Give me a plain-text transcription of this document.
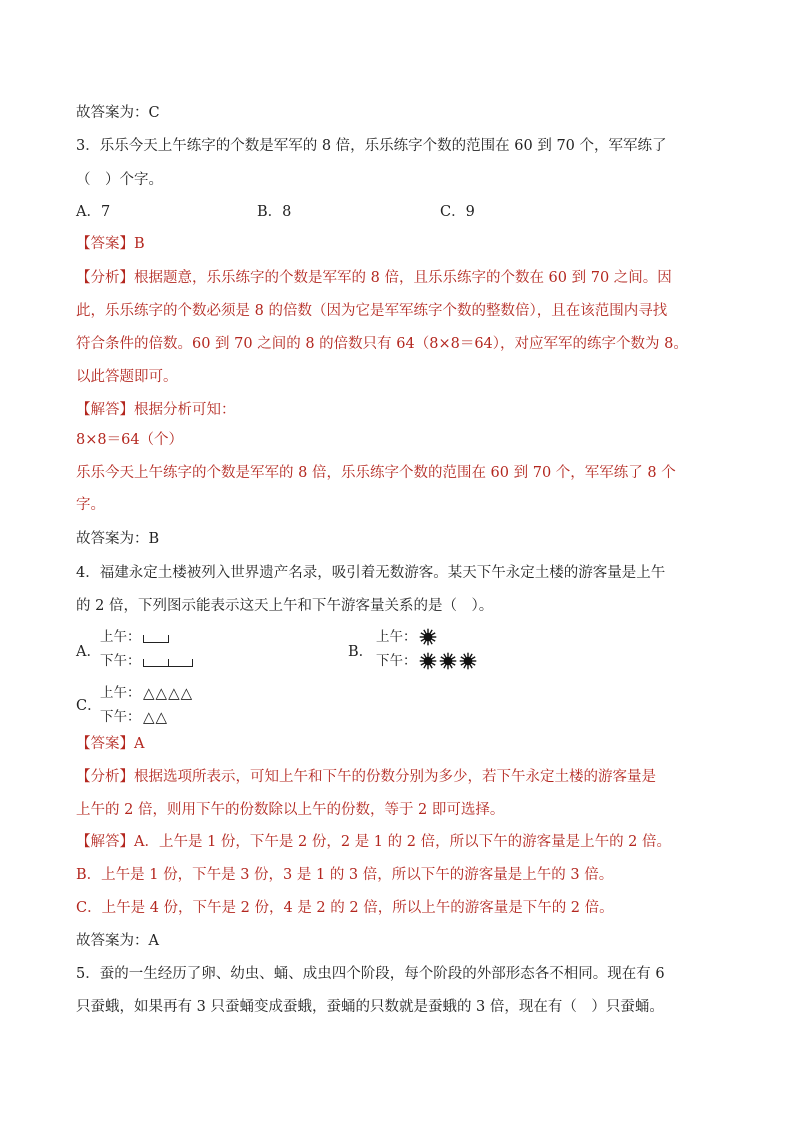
故答案为：C
3．乐乐今天上午练字的个数是军军的 8 倍，乐乐练字个数的范围在 60 到 70 个，军军练了
（　）个字。
A．7	B．8	C．9
【答案】B
【分析】根据题意，乐乐练字的个数是军军的 8 倍，且乐乐练字的个数在 60 到 70 之间。因
此，乐乐练字的个数必须是 8 的倍数（因为它是军军练字个数的整数倍），且在该范围内寻找
符合条件的倍数。60 到 70 之间的 8 的倍数只有 64（8×8＝64），对应军军的练字个数为 8。
以此答题即可。
【解答】根据分析可知：
8×8＝64（个）
乐乐今天上午练字的个数是军军的 8 倍，乐乐练字个数的范围在 60 到 70 个，军军练了 8 个
字。
故答案为：B
4．福建永定土楼被列入世界遗产名录，吸引着无数游客。某天下午永定土楼的游客量是上午
的 2 倍，下列图示能表示这天上午和下午游客量关系的是（　）。
A．
上午：
下午：
B．
上午：
下午：
C．
上午：
下午：
△△△△
△△
【答案】A
【分析】根据选项所表示，可知上午和下午的份数分别为多少，若下午永定土楼的游客量是
上午的 2 倍，则用下午的份数除以上午的份数，等于 2 即可选择。
【解答】A．上午是 1 份，下午是 2 份，2 是 1 的 2 倍，所以下午的游客量是上午的 2 倍。
B．上午是 1 份，下午是 3 份，3 是 1 的 3 倍，所以下午的游客量是上午的 3 倍。
C．上午是 4 份，下午是 2 份，4 是 2 的 2 倍，所以上午的游客量是下午的 2 倍。
故答案为：A
5．蚕的一生经历了卵、幼虫、蛹、成虫四个阶段，每个阶段的外部形态各不相同。现在有 6
只蚕蛾，如果再有 3 只蚕蛹变成蚕蛾，蚕蛹的只数就是蚕蛾的 3 倍，现在有（　）只蚕蛹。
